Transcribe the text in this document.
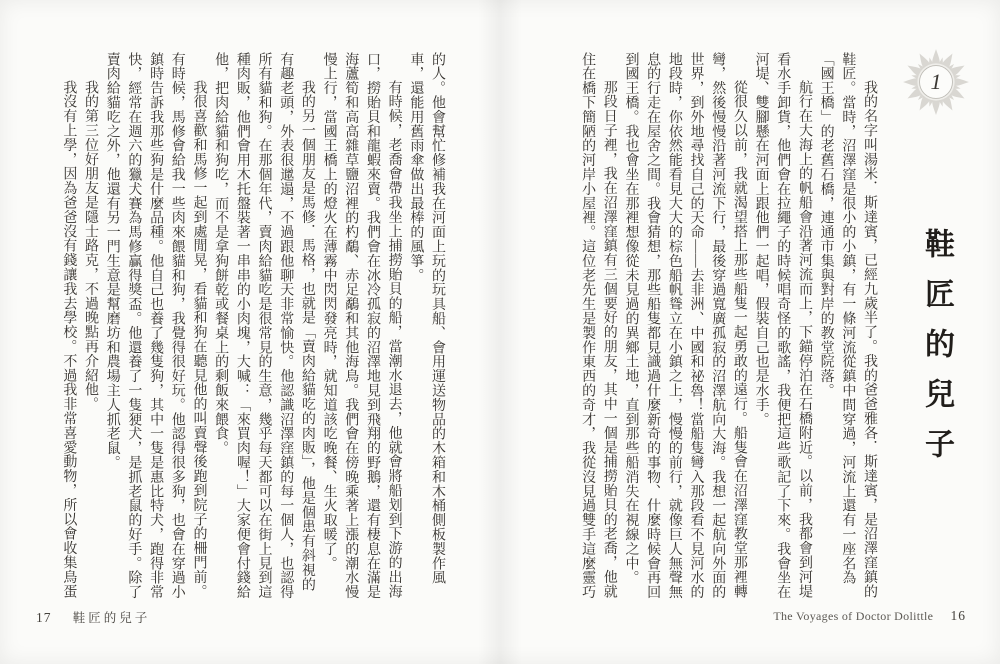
的人。他會幫忙修補我在河面上玩的玩具船、會用運送物品的木箱和木桶側板製作風車，還能用舊雨傘做出最棒的風箏。

有時候，老喬會帶我坐上捕撈貽貝的船，當潮水退去，他就會將船划到下游的出海口，撈貽貝和龍蝦來賣。我們會在冰冷孤寂的沼澤地見到飛翔的野鵝，還有棲息在滿是海蘆筍和高高雜草鹽沼裡的杓鷸、赤足鷸和其他海鳥。我們會在傍晚乘著上漲的潮水慢慢上行，當國王橋上的燈火在薄霧中閃閃發亮時，就知道該吃晚餐、生火取暖了。

我的另一個朋友是馬修．馬格，也就是「賣肉給貓吃的肉販」，他是個患有斜視的有趣老頭，外表很邋遢，不過跟他聊天非常愉快。他認識沼澤窪鎮的每一個人，也認得所有貓和狗。在那個年代，賣肉給貓吃是很常見的生意，幾乎每天都可以在街上見到這種肉販，他們會用木托盤裝著一串串的小肉塊，大喊：「來買肉喔！」大家便會付錢給他，把肉給貓和狗吃，而不是拿狗餅乾或餐桌上的剩飯來餵食。

我很喜歡和馬修一起到處閒晃，看貓和狗在聽見他的叫賣聲後跑到院子的柵門前。有時候，馬修會給我一些肉來餵貓和狗，我覺得很好玩。他認得很多狗，也會在穿過小鎮時告訴我那些狗是什麼品種。他自己也養了幾隻狗，其中一隻是惠比特犬，跑得非常快，經常在週六的獵犬賽為馬修贏得獎盃。他還養了一隻㹴犬，是抓老鼠的好手。除了賣肉給貓吃之外，他還有另一門生意是幫磨坊和農場主人抓老鼠。

我的第三位好朋友是隱士路克，不過晚點再介紹他。

我沒有上學，因為爸爸沒有錢讓我去學校。不過我非常喜愛動物，所以會收集鳥蛋

17 鞋匠的兒子
1
鞋匠的兒子

我的名字叫湯米．斯達賓，已經九歲半了。我的爸爸雅各．斯達賓，是沼澤窪鎮的鞋匠。當時，沼澤窪是很小的小鎮，有一條河流從鎮中間穿過，河流上還有一座名為「國王橋」的老舊石橋，連通市集與對岸的教堂院落。

航行在大海上的帆船會沿著河流而上，下錨停泊在石橋附近。以前，我都會到河堤看水手卸貨，他們會在拉繩子的時候唱奇怪的歌謠，我便把這些歌記了下來。我會坐在河堤、雙腳懸在河面上跟他們一起唱，假裝自己也是水手。

從很久以前，我就渴望搭上那些船隻一起勇敢的遠行。船隻會在沼澤窪教堂那裡轉彎，然後慢慢沿著河流下行，最後穿過寬廣孤寂的沼澤航向大海。我想一起航向外面的世界，到外地尋找自己的天命——去非洲、中國和祕魯！當船隻彎入那段看不見河水的地段時，你依然能看見大大的棕色船帆聳立在小鎮之上，慢慢的前行，就像巨人無聲無息的行走在屋舍之間。我會猜想，那些船隻都見識過什麼新奇的事物、什麼時候會再回到國王橋。我也會坐在那裡想像從未見過的異鄉土地，直到那些船消失在視線之中。

那段日子裡，我在沼澤窪鎮有三個要好的朋友，其中一個是捕撈貽貝的老喬，他就住在橋下簡陋的河岸小屋裡。這位老先生是製作東西的奇才，我從沒見過雙手這麼靈巧

The Voyages of Doctor Dolittle 16
